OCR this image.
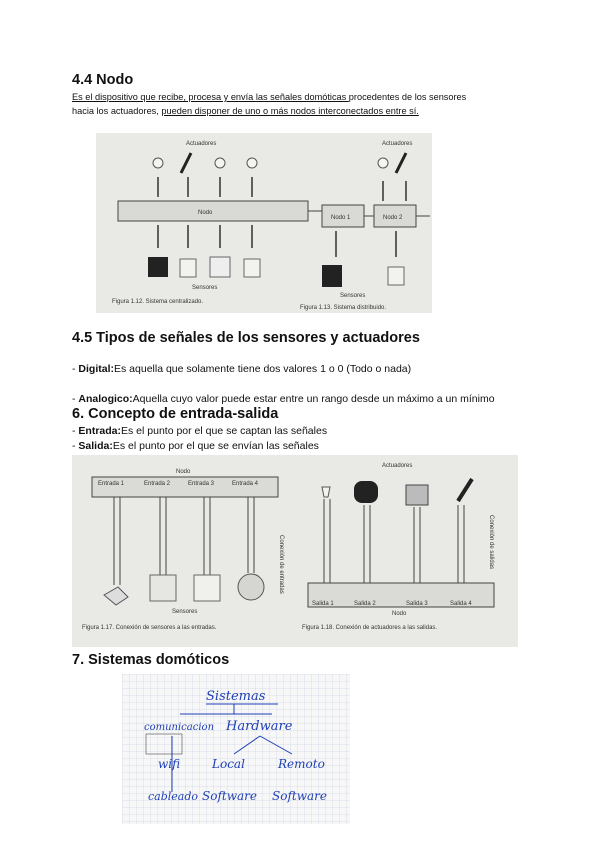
4.4 Nodo
Es el dispositivo que recibe, procesa y envía las señales domóticas procedentes de los sensores
hacia los actuadores, pueden disponer de uno o más nodos interconectados entre sí.
Actuadores	Actuadores
Nodo
Nodo 1	Nodo 2
Sensores
Sensores
Figura 1.12. Sistema centralizado.
Figura 1.13. Sistema distribuido.
4.5 Tipos de señales de los sensores y actuadores
- Digital:Es aquella que solamente tiene dos valores 1 o 0 (Todo o nada)
- Analogico:Aquella cuyo valor puede estar entre un rango desde un máximo a un mínimo
6. Concepto de entrada-salida
- Entrada:Es el punto por el que se captan las señales
- Salida:Es el punto por el que se envían las señales
Nodo
Entrada 1	Entrada 2	Entrada 3	Entrada 4
Conexión de entradas
Sensores
Figura 1.17. Conexión de sensores a las entradas.
Actuadores
Conexión de salidas
Salida 1	Salida 2	Salida 3	Salida 4
Nodo
Figura 1.18. Conexión de actuadores a las salidas.
7. Sistemas domóticos
Sistemas
comunicacion Hardware
wifi	Local	Remoto
cableado Software Software
